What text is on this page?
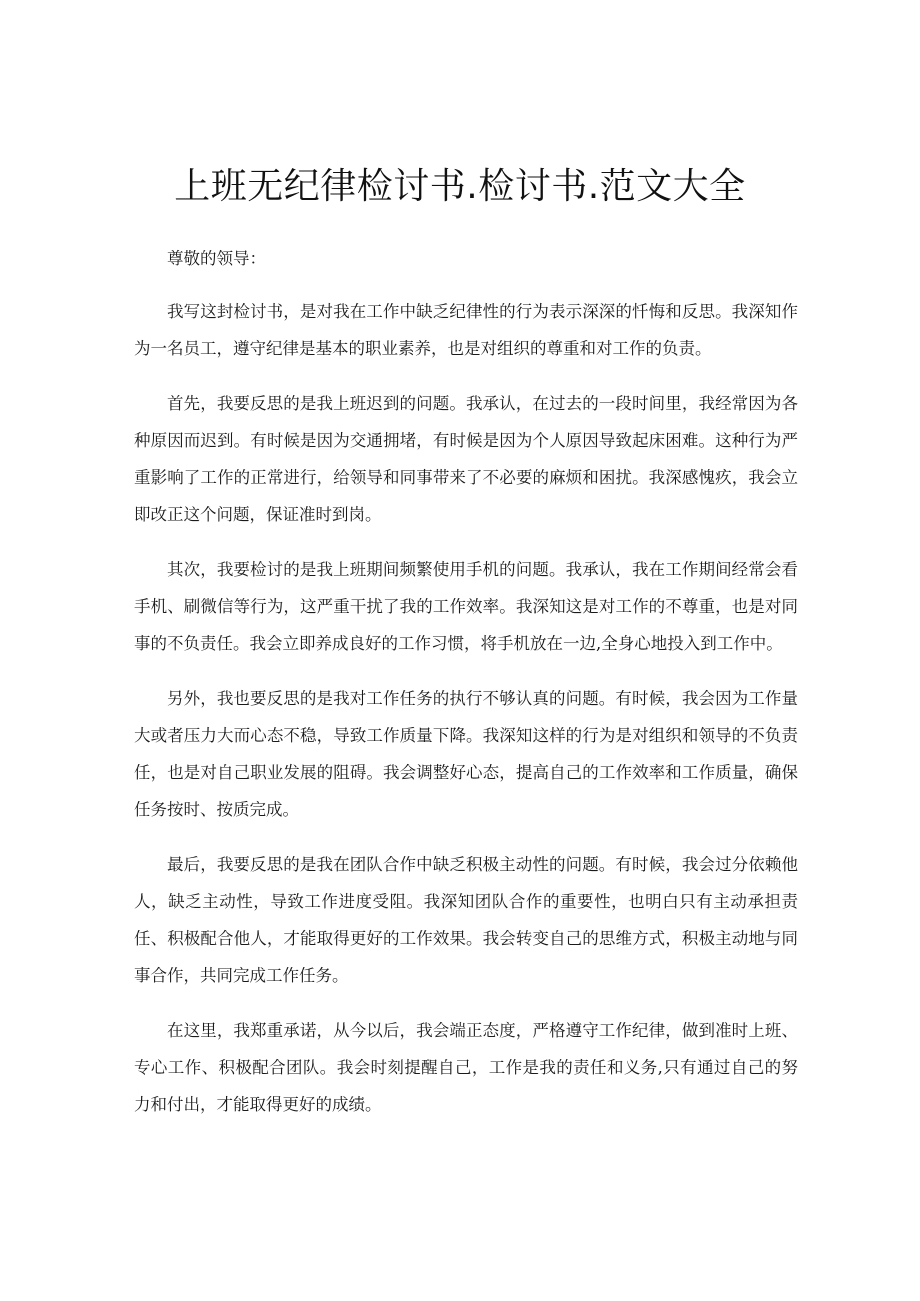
上班无纪律检讨书.检讨书.范文大全

尊敬的领导：

我写这封检讨书，是对我在工作中缺乏纪律性的行为表示深深的忏悔和反思。我深知作为一名员工，遵守纪律是基本的职业素养，也是对组织的尊重和对工作的负责。

首先，我要反思的是我上班迟到的问题。我承认，在过去的一段时间里，我经常因为各种原因而迟到。有时候是因为交通拥堵，有时候是因为个人原因导致起床困难。这种行为严重影响了工作的正常进行，给领导和同事带来了不必要的麻烦和困扰。我深感愧疚，我会立即改正这个问题，保证准时到岗。

其次，我要检讨的是我上班期间频繁使用手机的问题。我承认，我在工作期间经常会看手机、刷微信等行为，这严重干扰了我的工作效率。我深知这是对工作的不尊重，也是对同事的不负责任。我会立即养成良好的工作习惯，将手机放在一边,全身心地投入到工作中。

另外，我也要反思的是我对工作任务的执行不够认真的问题。有时候，我会因为工作量大或者压力大而心态不稳，导致工作质量下降。我深知这样的行为是对组织和领导的不负责任，也是对自己职业发展的阻碍。我会调整好心态，提高自己的工作效率和工作质量，确保任务按时、按质完成。

最后，我要反思的是我在团队合作中缺乏积极主动性的问题。有时候，我会过分依赖他人，缺乏主动性，导致工作进度受阻。我深知团队合作的重要性，也明白只有主动承担责任、积极配合他人，才能取得更好的工作效果。我会转变自己的思维方式，积极主动地与同事合作，共同完成工作任务。

在这里，我郑重承诺，从今以后，我会端正态度，严格遵守工作纪律，做到准时上班、专心工作、积极配合团队。我会时刻提醒自己，工作是我的责任和义务,只有通过自己的努力和付出，才能取得更好的成绩。
